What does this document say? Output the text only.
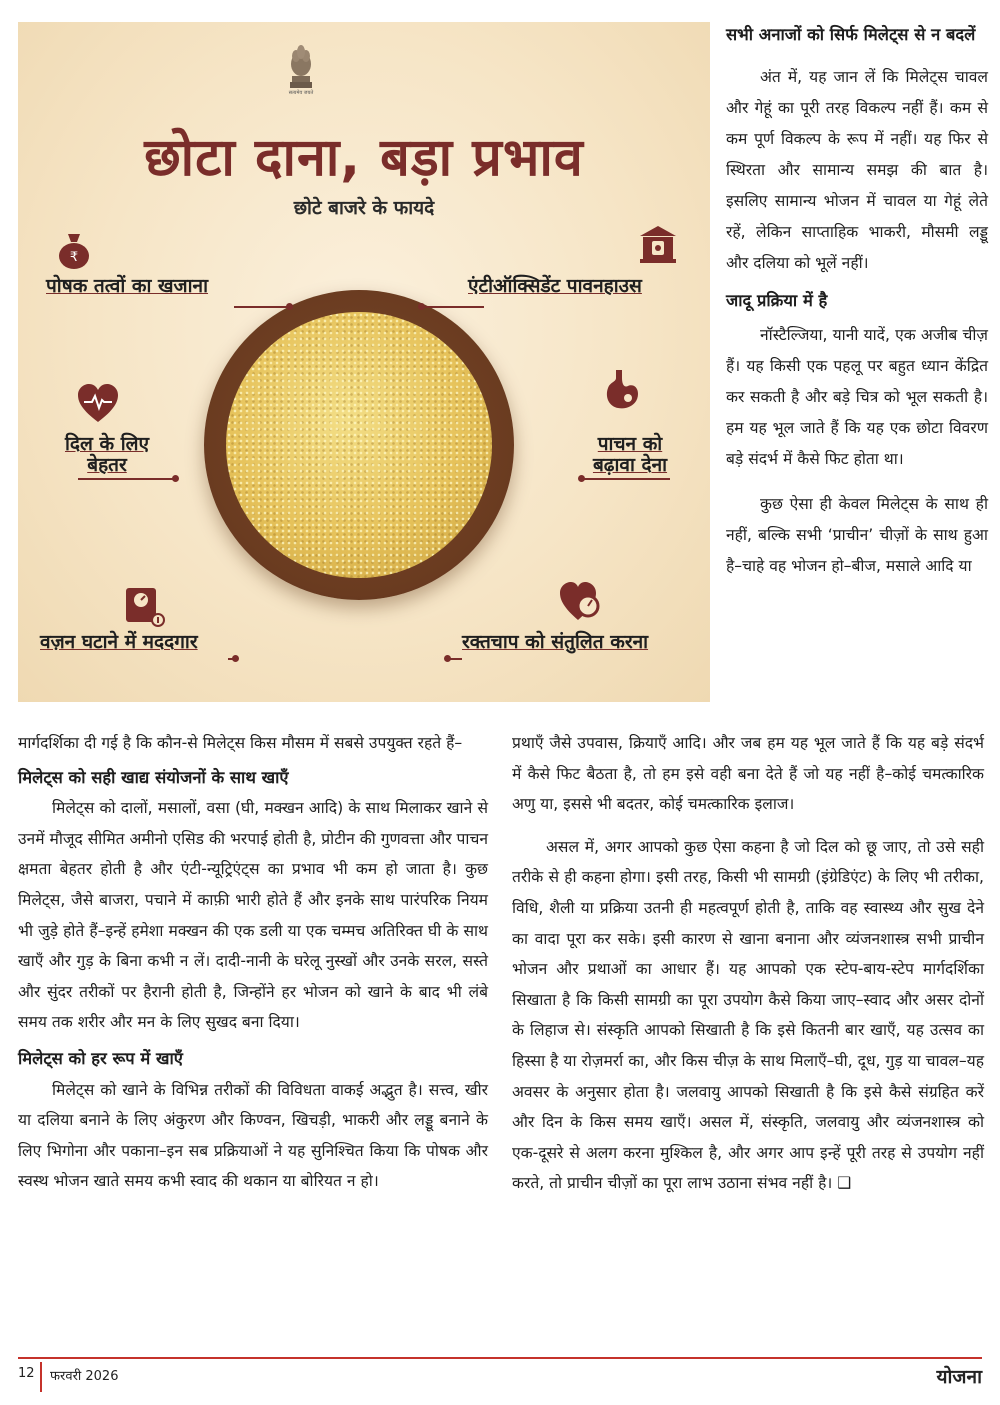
सत्यमेव जयते
छोटा दाना, बड़ा प्रभाव
छोटे बाजरे के फायदे
₹
पोषक तत्वों का खजाना	एंटीऑक्सिडेंट पावनहाउस
दिल के लिए
बेहतर
पाचन को
बढ़ावा देना
वज़न घटाने में मददगार	रक्तचाप को संतुलित करना

सभी अनाजों को सिर्फ मिलेट्स से न बदलें

अंत में, यह जान लें कि मिलेट्स चावल और गेहूं का पूरी तरह विकल्प नहीं हैं। कम से कम पूर्ण विकल्प के रूप में नहीं। यह फिर से स्थिरता और सामान्य समझ की बात है। इसलिए सामान्य भोजन में चावल या गेहूं लेते रहें, लेकिन साप्ताहिक भाकरी, मौसमी लड्डू और दलिया को भूलें नहीं।

जादू प्रक्रिया में है

नॉस्टैल्जिया, यानी यादें, एक अजीब चीज़ हैं। यह किसी एक पहलू पर बहुत ध्यान केंद्रित कर सकती है और बड़े चित्र को भूल सकती है। हम यह भूल जाते हैं कि यह एक छोटा विवरण बड़े संदर्भ में कैसे फिट होता था।

कुछ ऐसा ही केवल मिलेट्स के साथ ही नहीं, बल्कि सभी ‘प्राचीन’ चीज़ों के साथ हुआ है–चाहे वह भोजन हो–बीज, मसाले आदि या

मार्गदर्शिका दी गई है कि कौन-से मिलेट्स किस मौसम में सबसे उपयुक्त रहते हैं–

मिलेट्स को सही खाद्य संयोजनों के साथ खाएँ

मिलेट्स को दालों, मसालों, वसा (घी, मक्खन आदि) के साथ मिलाकर खाने से उनमें मौजूद सीमित अमीनो एसिड की भरपाई होती है, प्रोटीन की गुणवत्ता और पाचन क्षमता बेहतर होती है और एंटी-न्यूट्रिएंट्स का प्रभाव भी कम हो जाता है। कुछ मिलेट्स, जैसे बाजरा, पचाने में काफ़ी भारी होते हैं और इनके साथ पारंपरिक नियम भी जुड़े होते हैं–इन्हें हमेशा मक्खन की एक डली या एक चम्मच अतिरिक्त घी के साथ खाएँ और गुड़ के बिना कभी न लें। दादी-नानी के घरेलू नुस्खों और उनके सरल, सस्ते और सुंदर तरीकों पर हैरानी होती है, जिन्होंने हर भोजन को खाने के बाद भी लंबे समय तक शरीर और मन के लिए सुखद बना दिया।

मिलेट्स को हर रूप में खाएँ

मिलेट्स को खाने के विभिन्न तरीकों की विविधता वाकई अद्भुत है। सत्त्व, खीर या दलिया बनाने के लिए अंकुरण और किण्वन, खिचड़ी, भाकरी और लड्डू बनाने के लिए भिगोना और पकाना–इन सब प्रक्रियाओं ने यह सुनिश्चित किया कि पोषक और स्वस्थ भोजन खाते समय कभी स्वाद की थकान या बोरियत न हो।

प्रथाएँ जैसे उपवास, क्रियाएँ आदि। और जब हम यह भूल जाते हैं कि यह बड़े संदर्भ में कैसे फिट बैठता है, तो हम इसे वही बना देते हैं जो यह नहीं है–कोई चमत्कारिक अणु या, इससे भी बदतर, कोई चमत्कारिक इलाज।

असल में, अगर आपको कुछ ऐसा कहना है जो दिल को छू जाए, तो उसे सही तरीके से ही कहना होगा। इसी तरह, किसी भी सामग्री (इंग्रेडिएंट) के लिए भी तरीका, विधि, शैली या प्रक्रिया उतनी ही महत्वपूर्ण होती है, ताकि वह स्वास्थ्य और सुख देने का वादा पूरा कर सके। इसी कारण से खाना बनाना और व्यंजनशास्त्र सभी प्राचीन भोजन और प्रथाओं का आधार हैं। यह आपको एक स्टेप-बाय-स्टेप मार्गदर्शिका सिखाता है कि किसी सामग्री का पूरा उपयोग कैसे किया जाए–स्वाद और असर दोनों के लिहाज से। संस्कृति आपको सिखाती है कि इसे कितनी बार खाएँ, यह उत्सव का हिस्सा है या रोज़मर्रा का, और किस चीज़ के साथ मिलाएँ–घी, दूध, गुड़ या चावल–यह अवसर के अनुसार होता है। जलवायु आपको सिखाती है कि इसे कैसे संग्रहित करें और दिन के किस समय खाएँ। असल में, संस्कृति, जलवायु और व्यंजनशास्त्र को एक-दूसरे से अलग करना मुश्किल है, और अगर आप इन्हें पूरी तरह से उपयोग नहीं करते, तो प्राचीन चीज़ों का पूरा लाभ उठाना संभव नहीं है। ❑

12 फरवरी 2026	योजना
